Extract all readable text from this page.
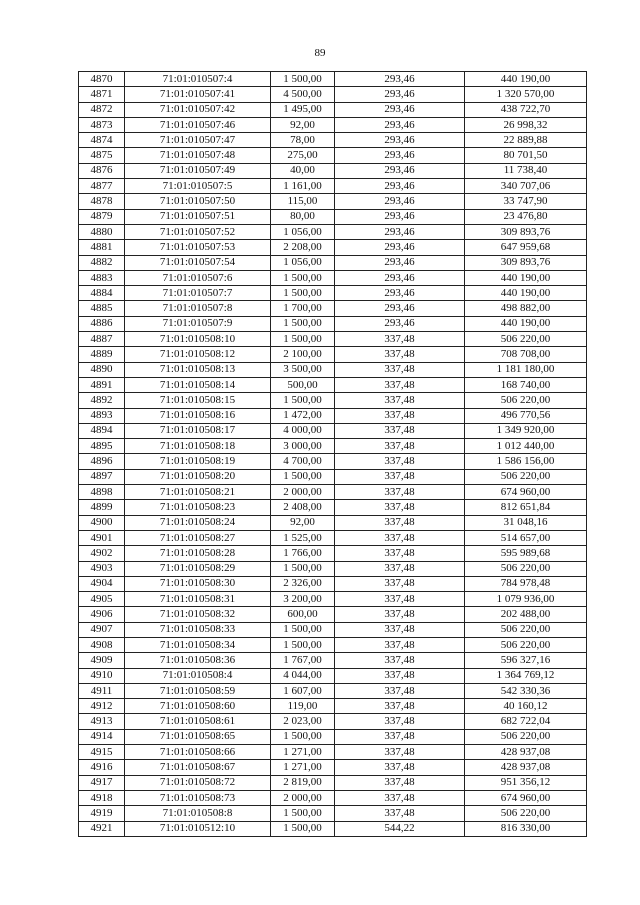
89
4870	71:01:010507:4	1 500,00	293,46	440 190,00
4871	71:01:010507:41	4 500,00	293,46	1 320 570,00
4872	71:01:010507:42	1 495,00	293,46	438 722,70
4873	71:01:010507:46	92,00	293,46	26 998,32
4874	71:01:010507:47	78,00	293,46	22 889,88
4875	71:01:010507:48	275,00	293,46	80 701,50
4876	71:01:010507:49	40,00	293,46	11 738,40
4877	71:01:010507:5	1 161,00	293,46	340 707,06
4878	71:01:010507:50	115,00	293,46	33 747,90
4879	71:01:010507:51	80,00	293,46	23 476,80
4880	71:01:010507:52	1 056,00	293,46	309 893,76
4881	71:01:010507:53	2 208,00	293,46	647 959,68
4882	71:01:010507:54	1 056,00	293,46	309 893,76
4883	71:01:010507:6	1 500,00	293,46	440 190,00
4884	71:01:010507:7	1 500,00	293,46	440 190,00
4885	71:01:010507:8	1 700,00	293,46	498 882,00
4886	71:01:010507:9	1 500,00	293,46	440 190,00
4887	71:01:010508:10	1 500,00	337,48	506 220,00
4889	71:01:010508:12	2 100,00	337,48	708 708,00
4890	71:01:010508:13	3 500,00	337,48	1 181 180,00
4891	71:01:010508:14	500,00	337,48	168 740,00
4892	71:01:010508:15	1 500,00	337,48	506 220,00
4893	71:01:010508:16	1 472,00	337,48	496 770,56
4894	71:01:010508:17	4 000,00	337,48	1 349 920,00
4895	71:01:010508:18	3 000,00	337,48	1 012 440,00
4896	71:01:010508:19	4 700,00	337,48	1 586 156,00
4897	71:01:010508:20	1 500,00	337,48	506 220,00
4898	71:01:010508:21	2 000,00	337,48	674 960,00
4899	71:01:010508:23	2 408,00	337,48	812 651,84
4900	71:01:010508:24	92,00	337,48	31 048,16
4901	71:01:010508:27	1 525,00	337,48	514 657,00
4902	71:01:010508:28	1 766,00	337,48	595 989,68
4903	71:01:010508:29	1 500,00	337,48	506 220,00
4904	71:01:010508:30	2 326,00	337,48	784 978,48
4905	71:01:010508:31	3 200,00	337,48	1 079 936,00
4906	71:01:010508:32	600,00	337,48	202 488,00
4907	71:01:010508:33	1 500,00	337,48	506 220,00
4908	71:01:010508:34	1 500,00	337,48	506 220,00
4909	71:01:010508:36	1 767,00	337,48	596 327,16
4910	71:01:010508:4	4 044,00	337,48	1 364 769,12
4911	71:01:010508:59	1 607,00	337,48	542 330,36
4912	71:01:010508:60	119,00	337,48	40 160,12
4913	71:01:010508:61	2 023,00	337,48	682 722,04
4914	71:01:010508:65	1 500,00	337,48	506 220,00
4915	71:01:010508:66	1 271,00	337,48	428 937,08
4916	71:01:010508:67	1 271,00	337,48	428 937,08
4917	71:01:010508:72	2 819,00	337,48	951 356,12
4918	71:01:010508:73	2 000,00	337,48	674 960,00
4919	71:01:010508:8	1 500,00	337,48	506 220,00
4921	71:01:010512:10	1 500,00	544,22	816 330,00
